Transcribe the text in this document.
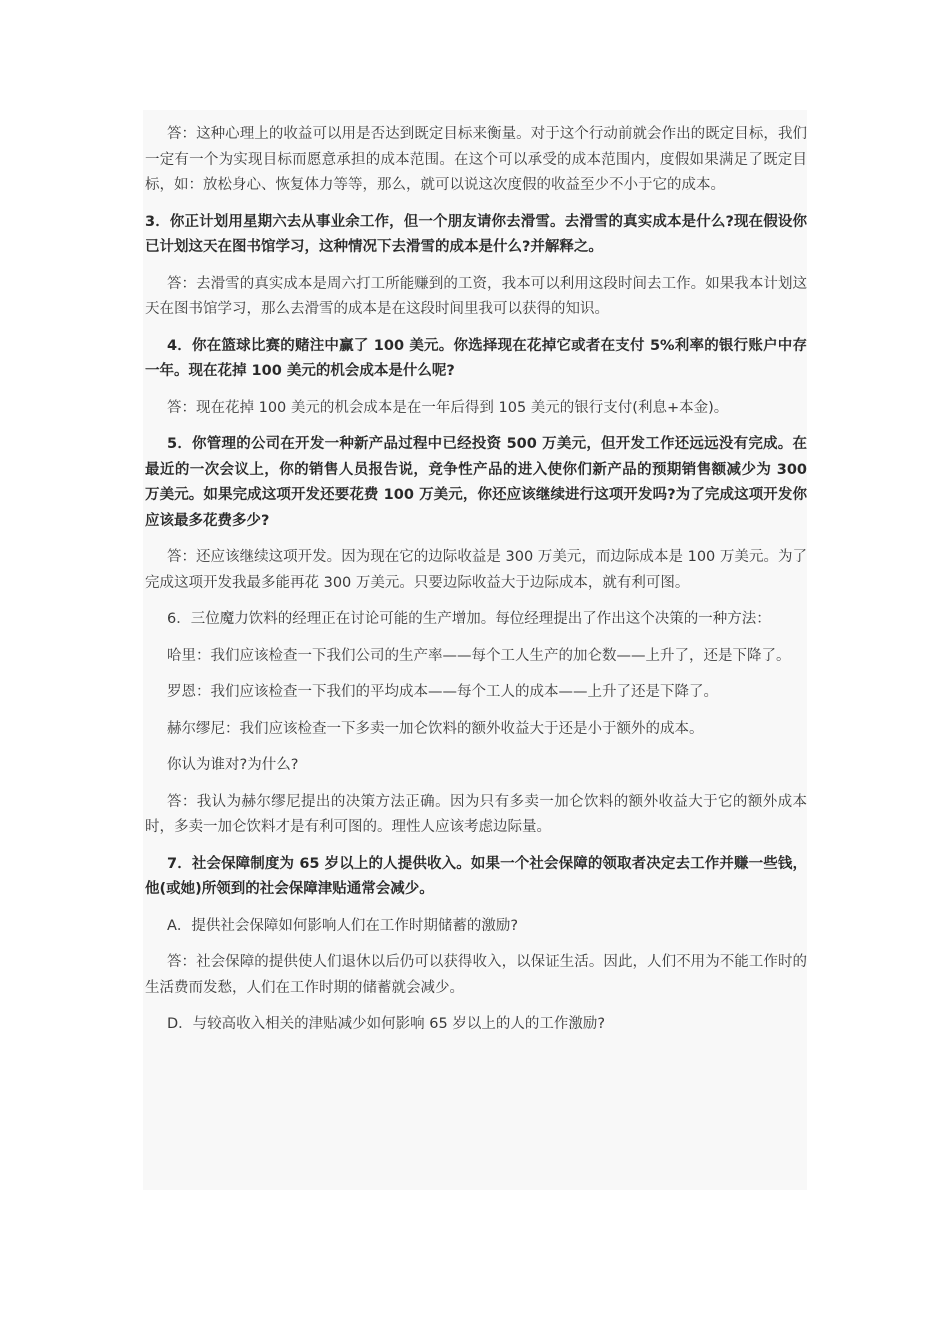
答：这种心理上的收益可以用是否达到既定目标来衡量。对于这个行动前就会作出的既定目标，我们一定有一个为实现目标而愿意承担的成本范围。在这个可以承受的成本范围内，度假如果满足了既定目标，如：放松身心、恢复体力等等，那么，就可以说这次度假的收益至少不小于它的成本。

3．你正计划用星期六去从事业余工作，但一个朋友请你去滑雪。去滑雪的真实成本是什么?现在假设你已计划这天在图书馆学习，这种情况下去滑雪的成本是什么?并解释之。

答：去滑雪的真实成本是周六打工所能赚到的工资，我本可以利用这段时间去工作。如果我本计划这天在图书馆学习，那么去滑雪的成本是在这段时间里我可以获得的知识。

4．你在篮球比赛的赌注中赢了 100 美元。你选择现在花掉它或者在支付 5%利率的银行账户中存一年。现在花掉 100 美元的机会成本是什么呢?

答：现在花掉 100 美元的机会成本是在一年后得到 105 美元的银行支付(利息+本金)。

5．你管理的公司在开发一种新产品过程中已经投资 500 万美元，但开发工作还远远没有完成。在最近的一次会议上，你的销售人员报告说，竞争性产品的进入使你们新产品的预期销售额减少为 300 万美元。如果完成这项开发还要花费 100 万美元，你还应该继续进行这项开发吗?为了完成这项开发你应该最多花费多少?

答：还应该继续这项开发。因为现在它的边际收益是 300 万美元，而边际成本是 100 万美元。为了完成这项开发我最多能再花 300 万美元。只要边际收益大于边际成本，就有利可图。

6．三位魔力饮料的经理正在讨论可能的生产增加。每位经理提出了作出这个决策的一种方法：

哈里：我们应该检查一下我们公司的生产率——每个工人生产的加仑数——上升了，还是下降了。

罗恩：我们应该检查一下我们的平均成本——每个工人的成本——上升了还是下降了。

赫尔缪尼：我们应该检查一下多卖一加仑饮料的额外收益大于还是小于额外的成本。

你认为谁对?为什么?

答：我认为赫尔缪尼提出的决策方法正确。因为只有多卖一加仑饮料的额外收益大于它的额外成本时，多卖一加仑饮料才是有利可图的。理性人应该考虑边际量。

7．社会保障制度为 65 岁以上的人提供收入。如果一个社会保障的领取者决定去工作并赚一些钱，他(或她)所领到的社会保障津贴通常会减少。

A．提供社会保障如何影响人们在工作时期储蓄的激励?

答：社会保障的提供使人们退休以后仍可以获得收入，以保证生活。因此，人们不用为不能工作时的生活费而发愁，人们在工作时期的储蓄就会减少。

D．与较高收入相关的津贴减少如何影响 65 岁以上的人的工作激励?
